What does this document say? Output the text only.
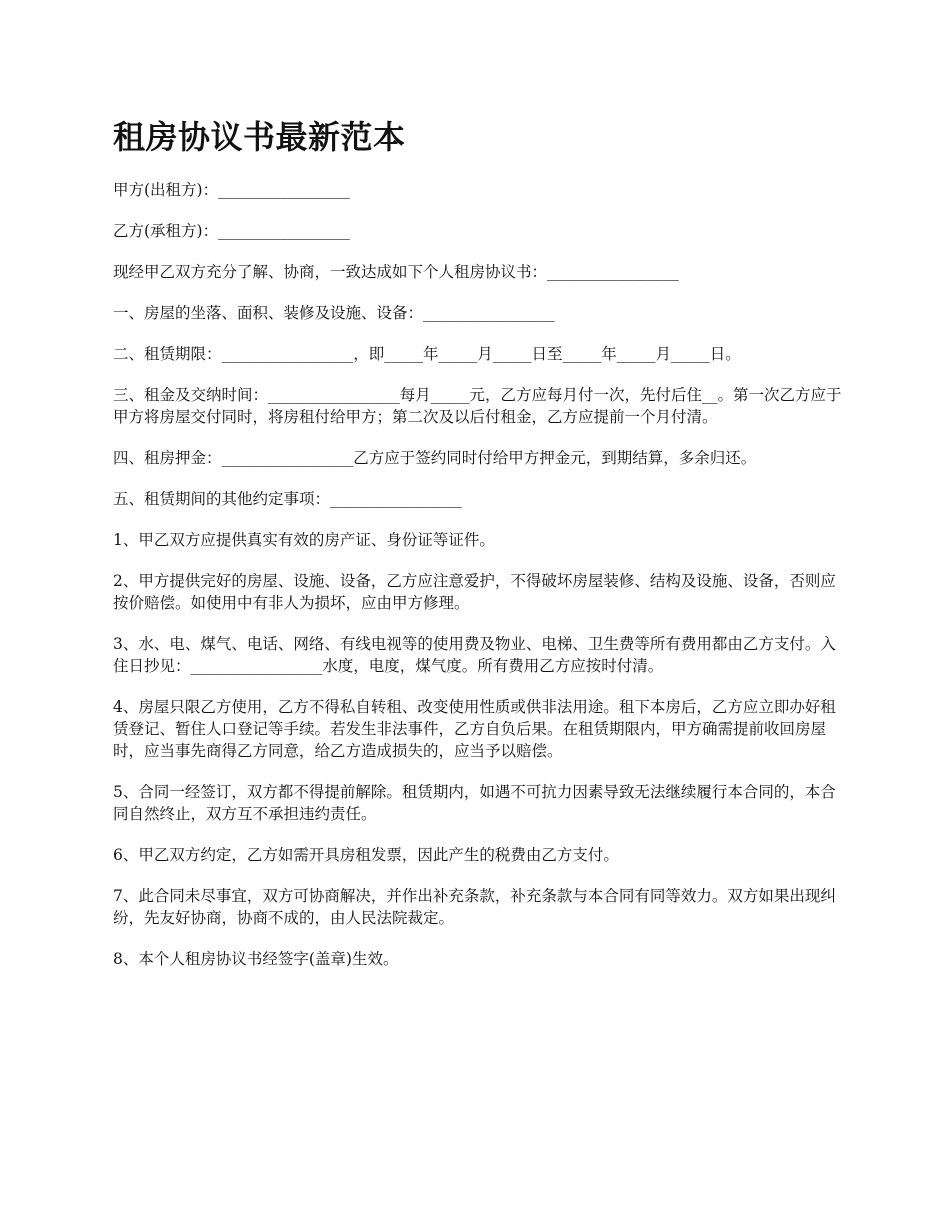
租房协议书最新范本

甲方(出租方)：_________________

乙方(承租方)：_________________

现经甲乙双方充分了解、协商，一致达成如下个人租房协议书：_________________

一、房屋的坐落、面积、装修及设施、设备：_________________

二、租赁期限：_________________，即_____年_____月_____日至_____年_____月_____日。

三、租金及交纳时间：_________________每月_____元，乙方应每月付一次，先付后住__。第一次乙方应于甲方将房屋交付同时，将房租付给甲方；第二次及以后付租金，乙方应提前一个月付清。

四、租房押金：_________________乙方应于签约同时付给甲方押金元，到期结算，多余归还。

五、租赁期间的其他约定事项：_________________

1、甲乙双方应提供真实有效的房产证、身份证等证件。

2、甲方提供完好的房屋、设施、设备，乙方应注意爱护，不得破坏房屋装修、结构及设施、设备，否则应按价赔偿。如使用中有非人为损坏，应由甲方修理。

3、水、电、煤气、电话、网络、有线电视等的使用费及物业、电梯、卫生费等所有费用都由乙方支付。入住日抄见：_________________水度，电度，煤气度。所有费用乙方应按时付清。

4、房屋只限乙方使用，乙方不得私自转租、改变使用性质或供非法用途。租下本房后，乙方应立即办好租赁登记、暂住人口登记等手续。若发生非法事件，乙方自负后果。在租赁期限内，甲方确需提前收回房屋时，应当事先商得乙方同意，给乙方造成损失的，应当予以赔偿。

5、合同一经签订，双方都不得提前解除。租赁期内，如遇不可抗力因素导致无法继续履行本合同的，本合同自然终止，双方互不承担违约责任。

6、甲乙双方约定，乙方如需开具房租发票，因此产生的税费由乙方支付。

7、此合同未尽事宜，双方可协商解决，并作出补充条款，补充条款与本合同有同等效力。双方如果出现纠纷，先友好协商，协商不成的，由人民法院裁定。

8、本个人租房协议书经签字(盖章)生效。
